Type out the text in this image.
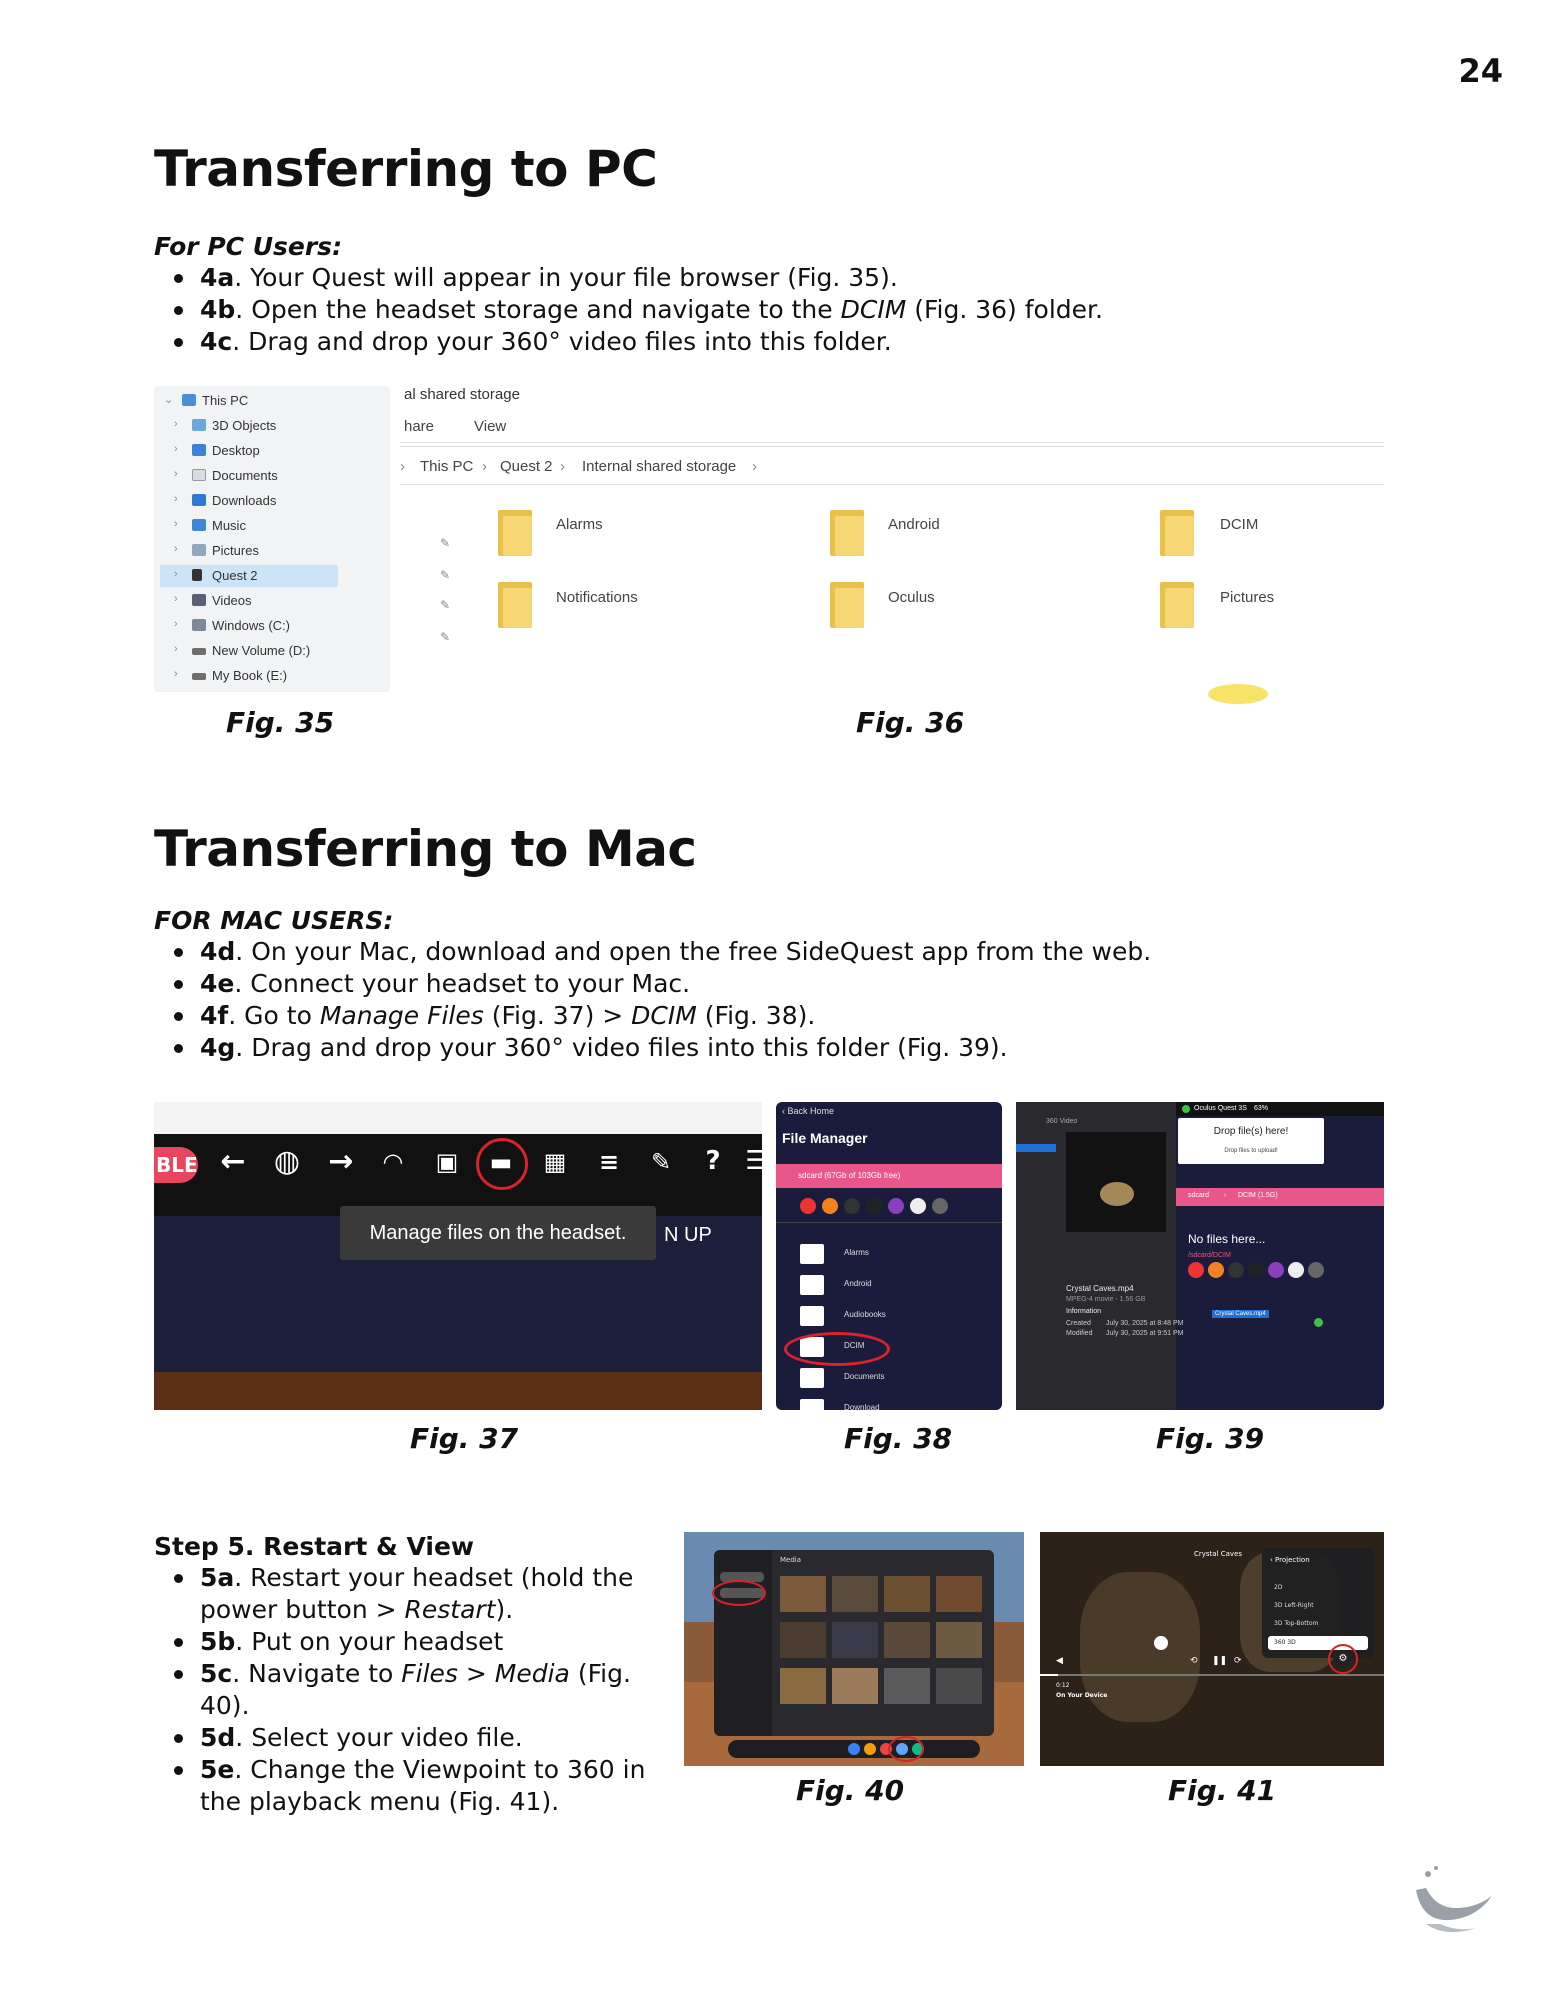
24
Transferring to PC
For PC Users:
4a. Your Quest will appear in your file browser (Fig. 35).
4b. Open the headset storage and navigate to the DCIM (Fig. 36) folder.
4c. Drag and drop your 360° video files into this folder.
⌄ This PC
›	3D Objects
›	Desktop
›	Documents
›	Downloads
›	Music
›	Pictures
›	Quest 2
›	Videos
›	Windows (C:)
›	New Volume (D:)
›	My Book (E:)
Fig. 35
al shared storage
hare	View
› This PC › Quest 2 › Internal shared storage ›
✎
✎
✎
✎
Alarms	Android	DCIM
Notifications	Oculus	Pictures
Fig. 36
Transferring to Mac
FOR MAC USERS:
4d. On your Mac, download and open the free SideQuest app from the web.
4e. Connect your headset to your Mac.
4f. Go to Manage Files (Fig. 37) > DCIM (Fig. 38).
4g. Drag and drop your 360° video files into this folder (Fig. 39).
BLE ← ◍ →	◠	▣ ▬ ▦ ≡ ✎	? ☰
Manage files on the headset.	N UP
Fig. 37
‹ Back Home
File Manager
sdcard (67Gb of 103Gb free)
Alarms
Android
Audiobooks
DCIM
Documents
Download
Fig. 38
360 Video
Crystal Caves.mp4
MPEG-4 movie - 1.56 GB
Information
Created July 30, 2025 at 8:48 PM
Modified July 30, 2025 at 9:51 PM
Oculus Quest 3S 63%
Drop file(s) here!
Drop files to upload!
sdcard › DCIM (1.5G)
No files here...
/sdcard/DCIM
Crystal Caves.mp4
Fig. 39
Step 5. Restart & View
5a. Restart your headset (hold the power button > Restart).
5b. Put on your headset
5c. Navigate to Files > Media (Fig. 40).
5d. Select your video file.
5e. Change the Viewpoint to 360 in the playback menu (Fig. 41).
Media
Fig. 40
Crystal Caves
‹ Projection
2D
3D Left-Right
3D Top-Bottom
360 3D
◀	⟲ ❚❚ ⟳	⚙
0:12
On Your Device
Fig. 41
